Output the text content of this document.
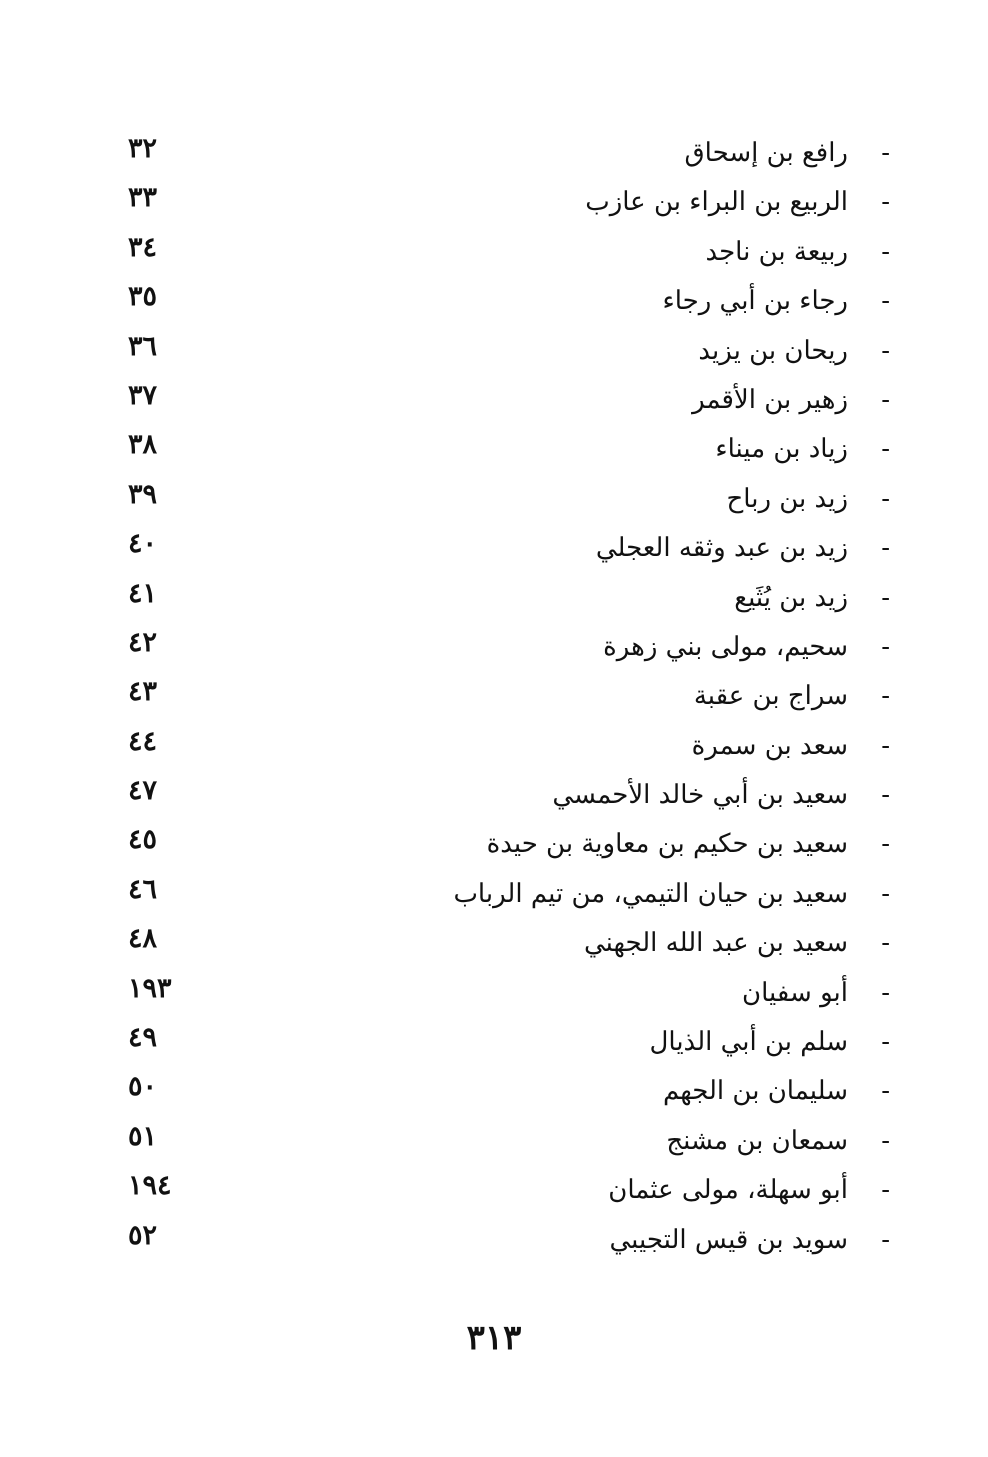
-
رافع بن إسحاق
٣٢
-
الربيع بن البراء بن عازب
٣٣
-
ربيعة بن ناجد
٣٤
-
رجاء بن أبي رجاء
٣٥
-
ريحان بن يزيد
٣٦
-
زهير بن الأقمر
٣٧
-
زياد بن ميناء
٣٨
-
زيد بن رباح
٣٩
-
زيد بن عبد وثقه العجلي
٤٠
-
زيد بن يُثَيع
٤١
-
سحيم، مولى بني زهرة
٤٢
-
سراج بن عقبة
٤٣
-
سعد بن سمرة
٤٤
-
سعيد بن أبي خالد الأحمسي
٤٧
-
سعيد بن حكيم بن معاوية بن حيدة
٤٥
-
سعيد بن حيان التيمي، من تيم الرباب
٤٦
-
سعيد بن عبد الله الجهني
٤٨
-
أبو سفيان
١٩٣
-
سلم بن أبي الذيال
٤٩
-
سليمان بن الجهم
٥٠
-
سمعان بن مشنج
٥١
-
أبو سهلة، مولى عثمان
١٩٤
-
سويد بن قيس التجيبي
٥٢
٣١٣
